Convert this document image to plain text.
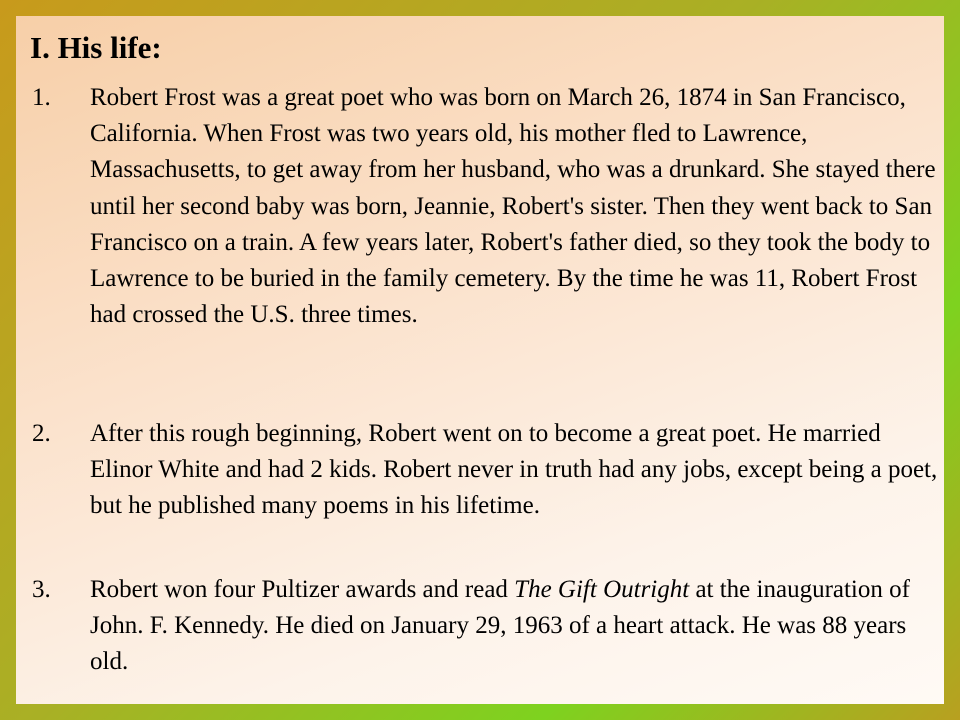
I. His life:
1. Robert Frost was a great poet who was born on March 26, 1874 in San Francisco, California. When Frost was two years old, his mother fled to Lawrence, Massachusetts, to get away from her husband, who was a drunkard. She stayed there until her second baby was born, Jeannie, Robert's sister. Then they went back to San Francisco on a train. A few years later, Robert's father died, so they took the body to Lawrence to be buried in the family cemetery. By the time he was 11, Robert Frost had crossed the U.S. three times.
2. After this rough beginning, Robert went on to become a great poet. He married Elinor White and had 2 kids. Robert never in truth had any jobs, except being a poet, but he published many poems in his lifetime.
3. Robert won four Pultizer awards and read The Gift Outright at the inauguration of John. F. Kennedy. He died on January 29, 1963 of a heart attack. He was 88 years old.
